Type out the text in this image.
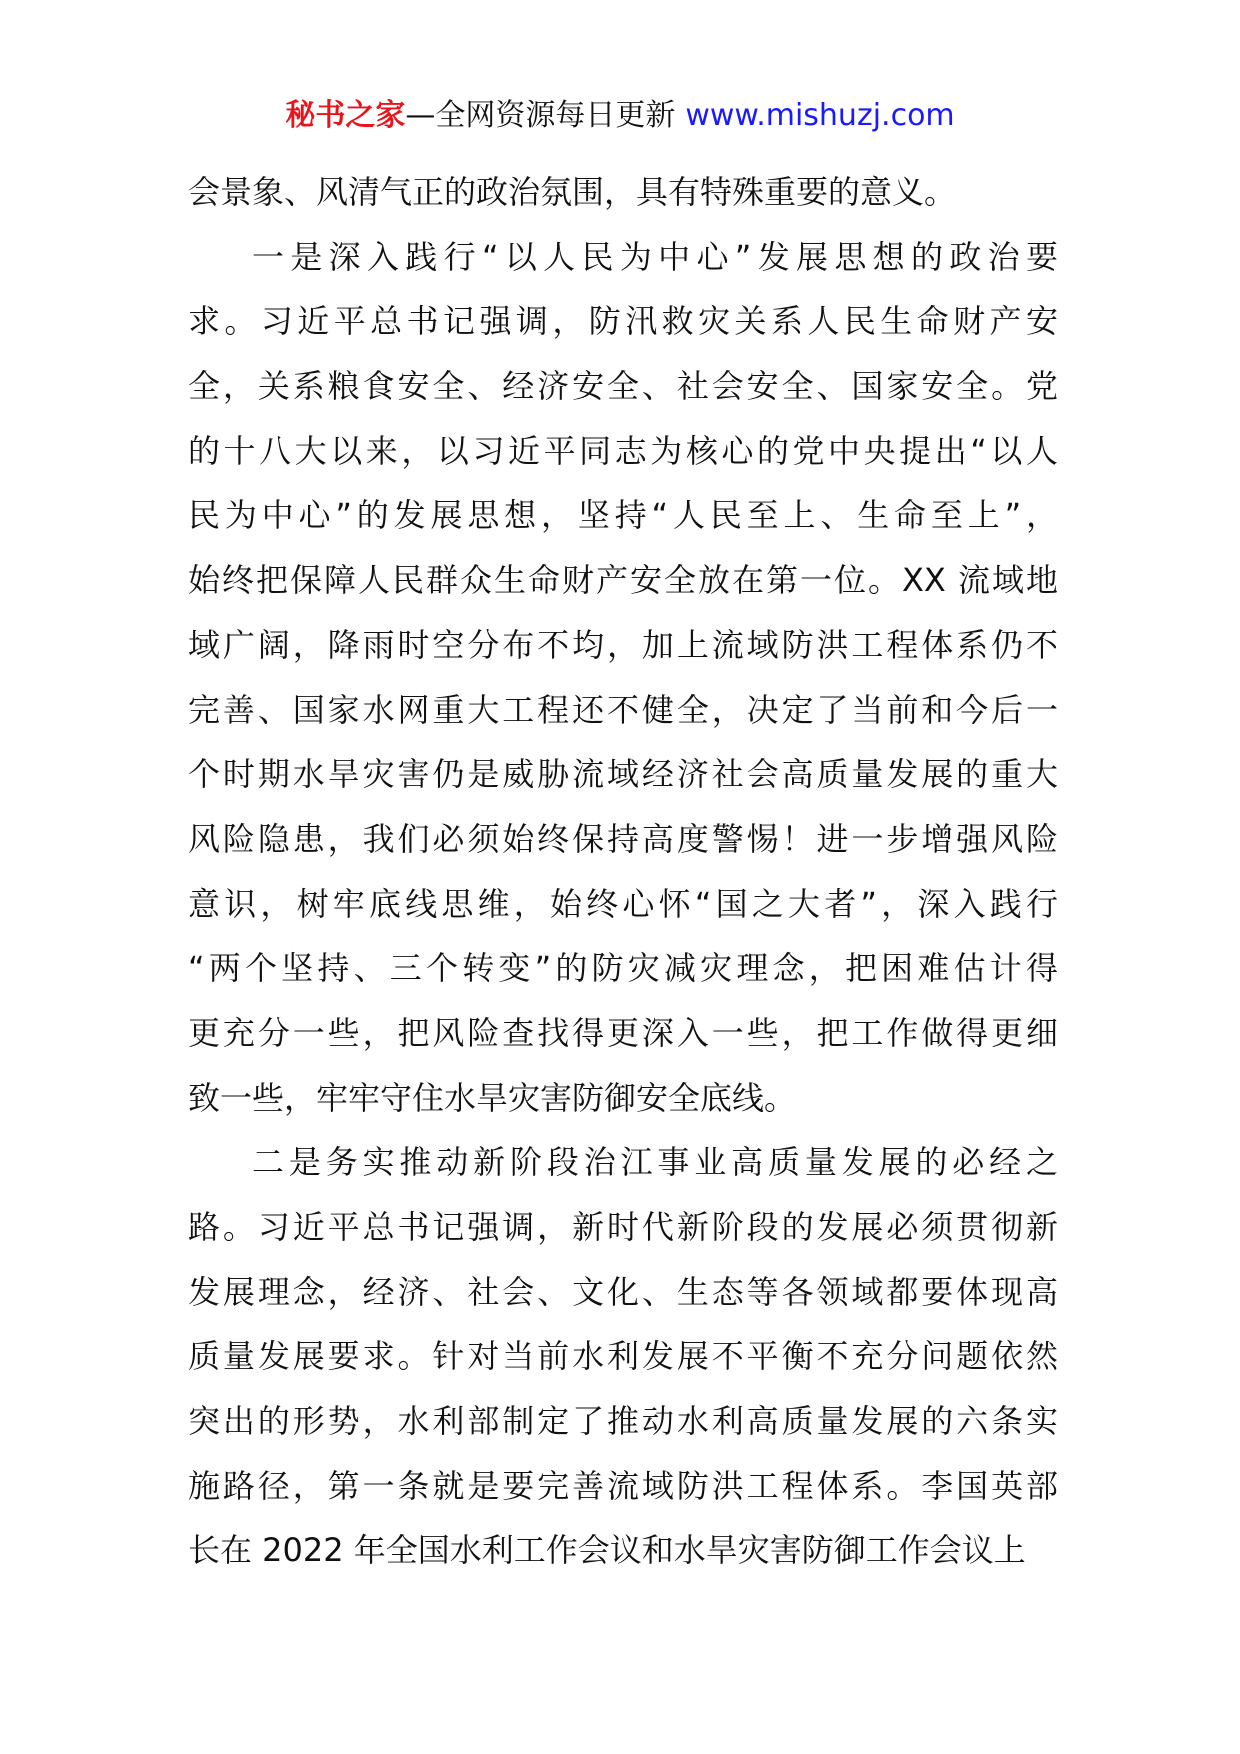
秘书之家—全网资源每日更新 www.mishuzj.com
会景象、风清气正的政治氛围，具有特殊重要的意义。
一是深入践行“以人民为中心”发展思想的政治要
求。习近平总书记强调，防汛救灾关系人民生命财产安
全，关系粮食安全、经济安全、社会安全、国家安全。党
的十八大以来，以习近平同志为核心的党中央提出“以人
民为中心”的发展思想，坚持“人民至上、生命至上”，
始终把保障人民群众生命财产安全放在第一位。XX 流域地
域广阔，降雨时空分布不均，加上流域防洪工程体系仍不
完善、国家水网重大工程还不健全，决定了当前和今后一
个时期水旱灾害仍是威胁流域经济社会高质量发展的重大
风险隐患，我们必须始终保持高度警惕！进一步增强风险
意识，树牢底线思维，始终心怀“国之大者”，深入践行
“两个坚持、三个转变”的防灾减灾理念，把困难估计得
更充分一些，把风险查找得更深入一些，把工作做得更细
致一些，牢牢守住水旱灾害防御安全底线。
二是务实推动新阶段治江事业高质量发展的必经之
路。习近平总书记强调，新时代新阶段的发展必须贯彻新
发展理念，经济、社会、文化、生态等各领域都要体现高
质量发展要求。针对当前水利发展不平衡不充分问题依然
突出的形势，水利部制定了推动水利高质量发展的六条实
施路径，第一条就是要完善流域防洪工程体系。李国英部
长在 2022 年全国水利工作会议和水旱灾害防御工作会议上
